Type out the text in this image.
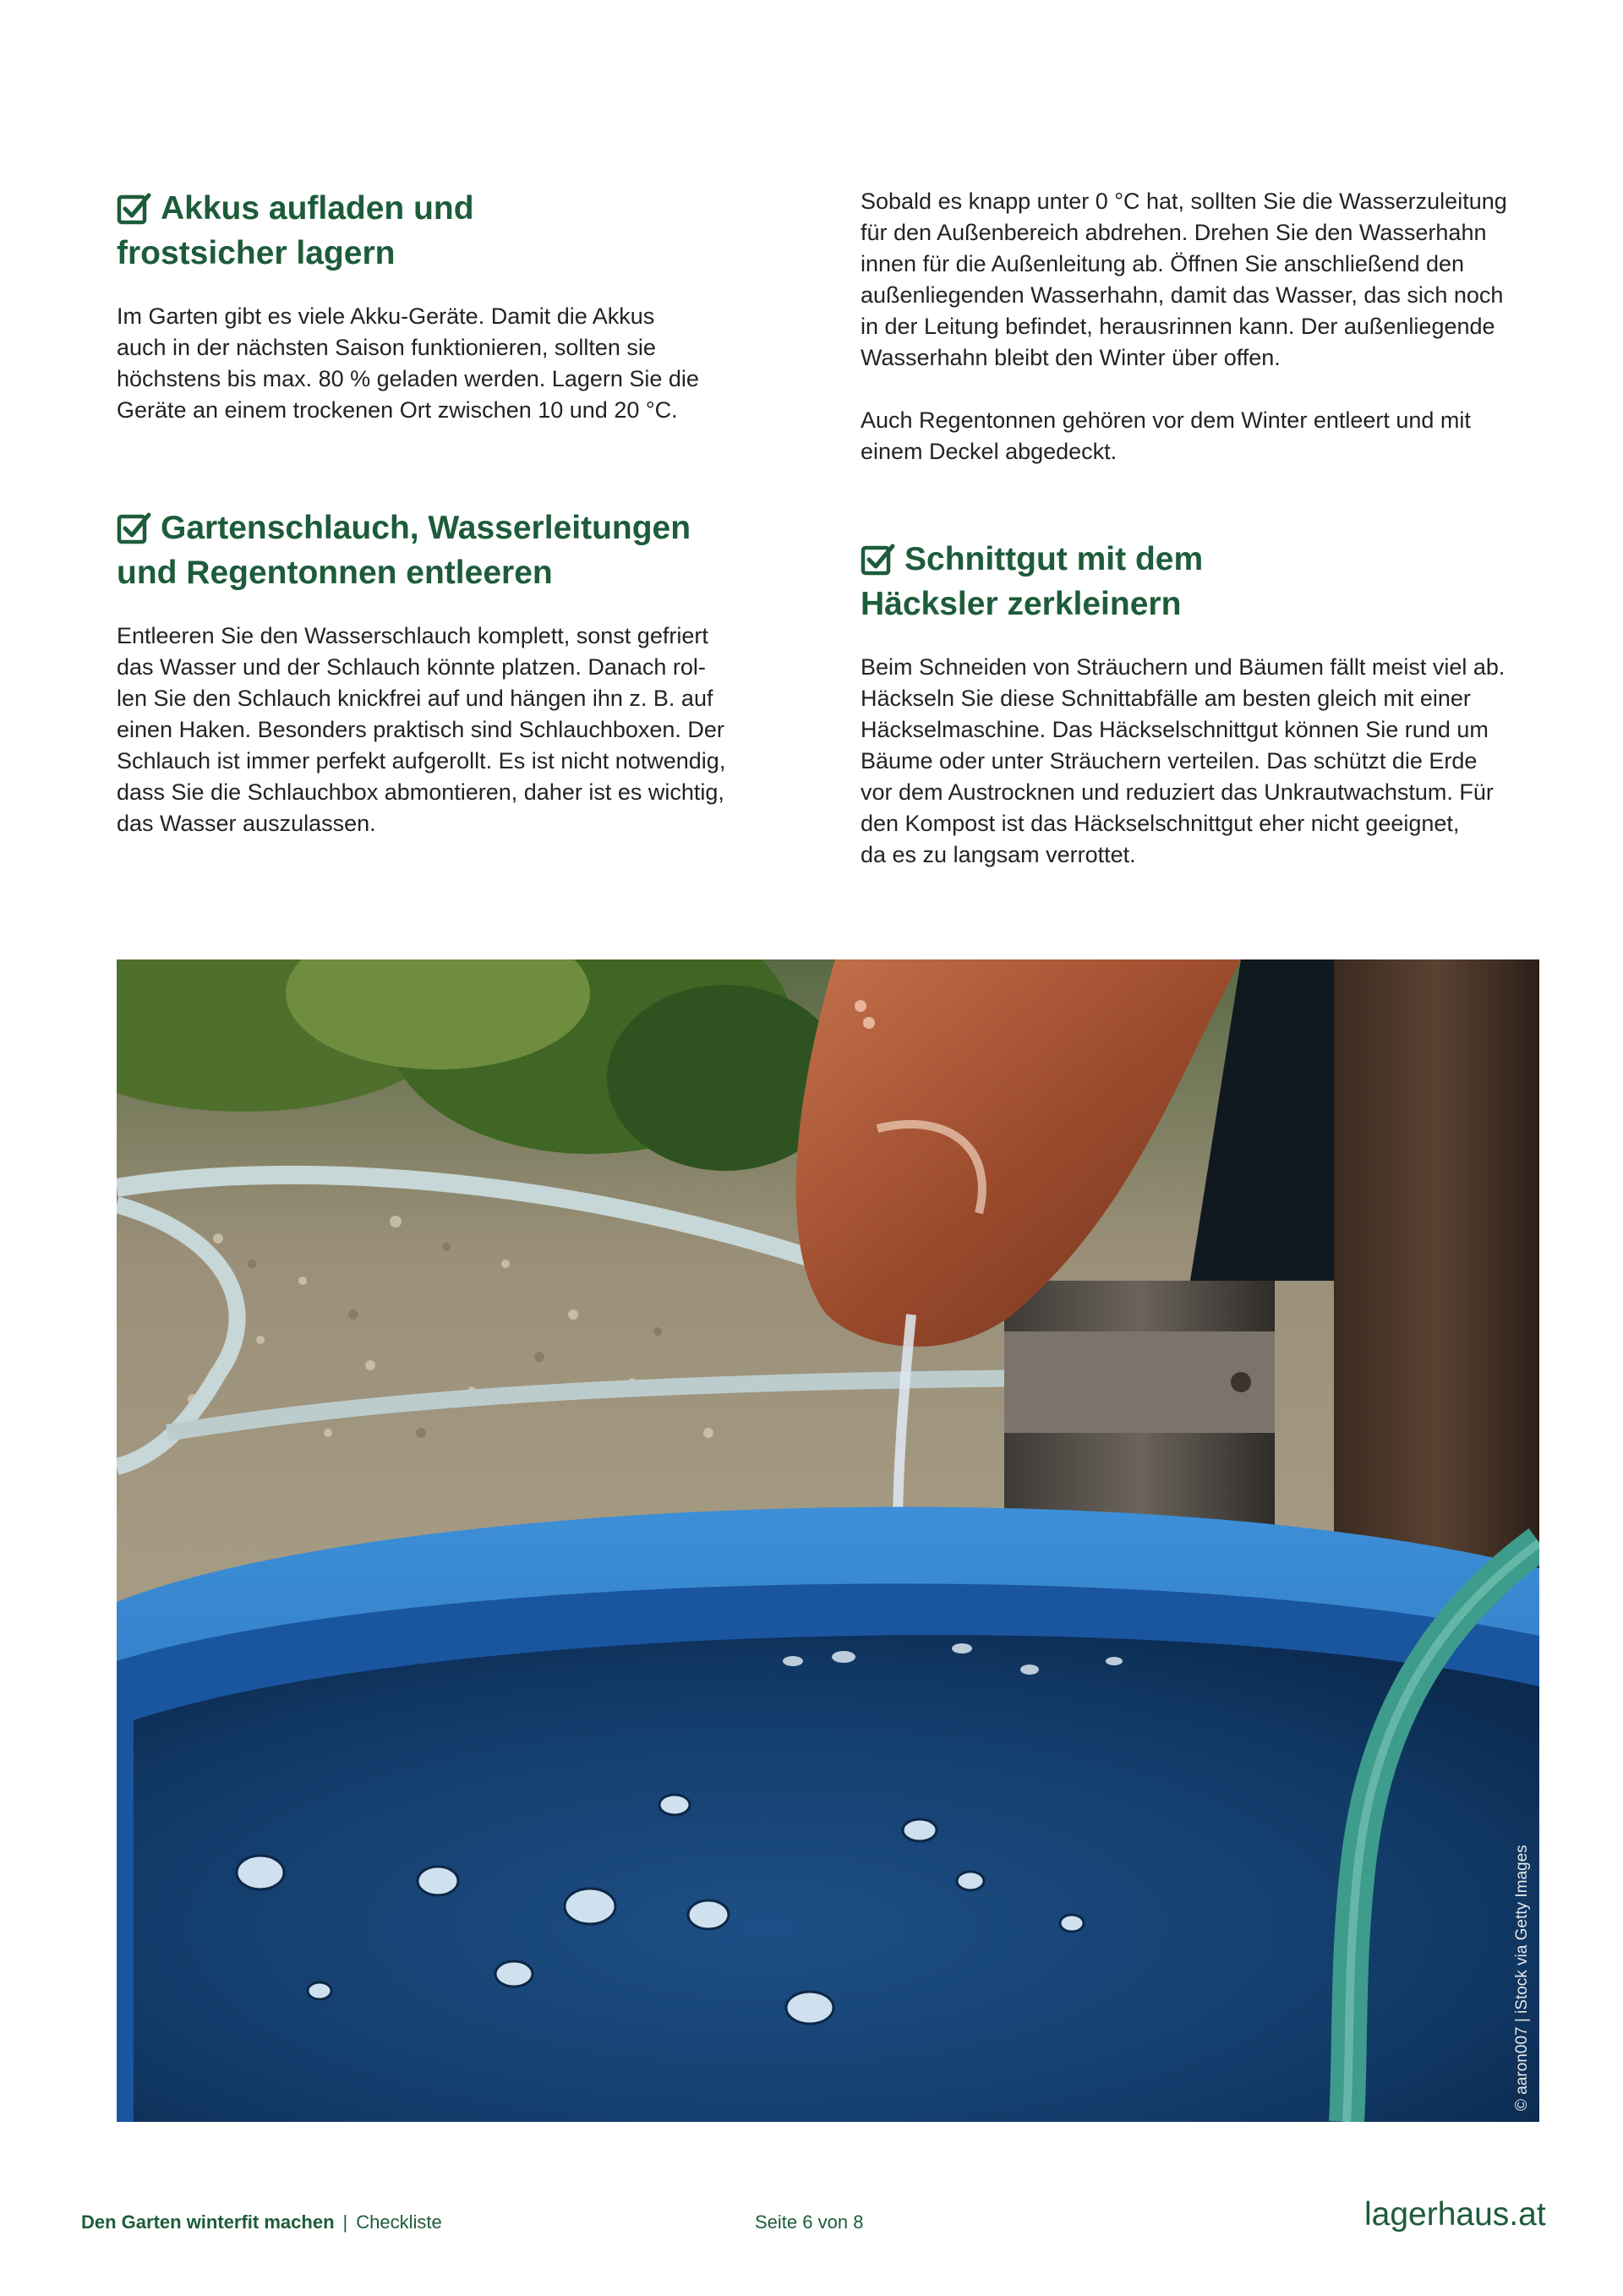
Akkus aufladen und
frostsicher lagern

Im Garten gibt es viele Akku-Geräte. Damit die Akkus
auch in der nächsten Saison funktionieren, sollten sie
höchstens bis max. 80 % geladen werden. Lagern Sie die
Geräte an einem trockenen Ort zwischen 10 und 20 °C.

Gartenschlauch, Wasserleitungen
und Regentonnen entleeren

Entleeren Sie den Wasserschlauch komplett, sonst gefriert
das Wasser und der Schlauch könnte platzen. Danach rol-
len Sie den Schlauch knickfrei auf und hängen ihn z. B. auf
einen Haken. Besonders praktisch sind Schlauchboxen. Der
Schlauch ist immer perfekt aufgerollt. Es ist nicht notwendig,
dass Sie die Schlauchbox abmontieren, daher ist es wichtig,
das Wasser auszulassen.

Sobald es knapp unter 0 °C hat, sollten Sie die Wasserzuleitung
für den Außenbereich abdrehen. Drehen Sie den Wasserhahn
innen für die Außenleitung ab. Öffnen Sie anschließend den
außenliegenden Wasserhahn, damit das Wasser, das sich noch
in der Leitung befindet, herausrinnen kann. Der außenliegende
Wasserhahn bleibt den Winter über offen.

Auch Regentonnen gehören vor dem Winter entleert und mit
einem Deckel abgedeckt.

Schnittgut mit dem
Häcksler zerkleinern

Beim Schneiden von Sträuchern und Bäumen fällt meist viel ab.
Häckseln Sie diese Schnittabfälle am besten gleich mit einer
Häckselmaschine. Das Häckselschnittgut können Sie rund um
Bäume oder unter Sträuchern verteilen. Das schützt die Erde
vor dem Austrocknen und reduziert das Unkrautwachstum. Für
den Kompost ist das Häckselschnittgut eher nicht geeignet,
da es zu langsam verrottet.

© aaron007 | iStock via Getty Images
Den Garten winterfit machen | Checkliste	Seite 6 von 8	lagerhaus.at
